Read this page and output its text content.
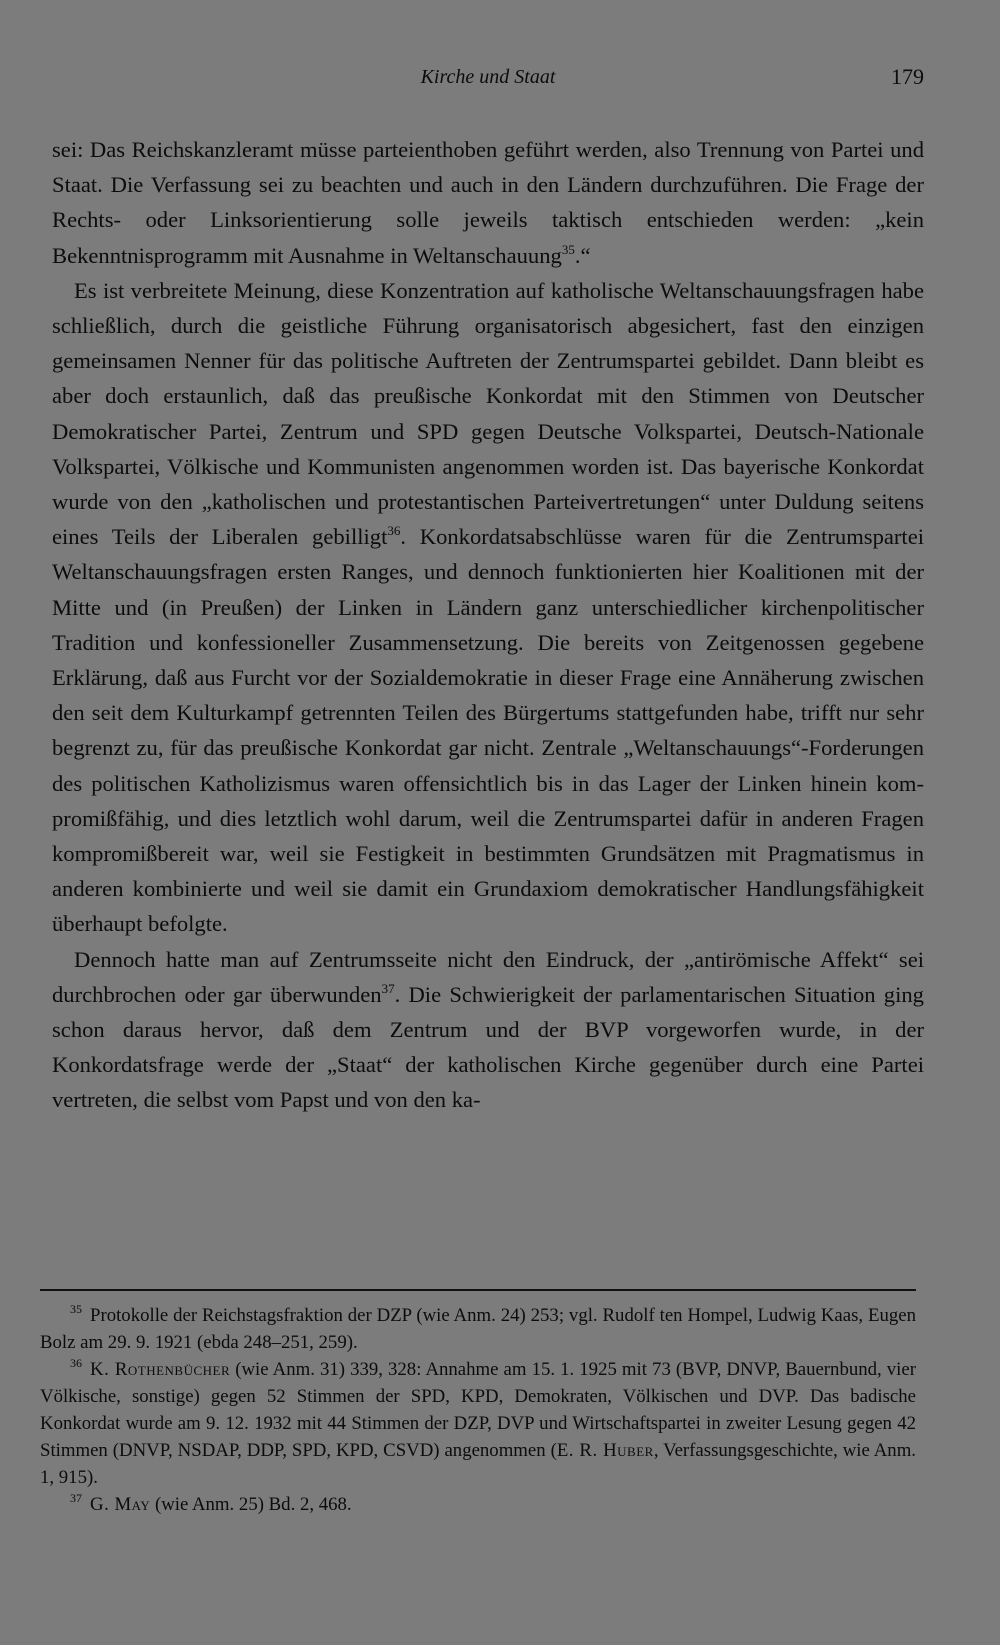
Kirche und Staat	179

sei: Das Reichskanzleramt müsse parteienthoben geführt werden, also Trennung von Partei und Staat. Die Verfassung sei zu beachten und auch in den Ländern durchzuführen. Die Frage der Rechts- oder Linksorientierung solle jeweils taktisch entschieden werden: „kein Bekenntnisprogramm mit Ausnahme in Weltanschauung$^{35}$.“

Es ist verbreitete Meinung, diese Konzentration auf katholische Weltanschauungsfragen habe schließlich, durch die geistliche Führung organisatorisch abgesichert, fast den einzigen gemeinsamen Nenner für das politische Auftreten der Zentrumspartei gebildet. Dann bleibt es aber doch erstaunlich, daß das preußische Konkordat mit den Stimmen von Deutscher Demokratischer Partei, Zentrum und SPD gegen Deutsche Volkspartei, Deutsch-Nationale Volkspartei, Völkische und Kommunisten angenommen worden ist. Das bayerische Konkordat wurde von den „katholischen und protestantischen Parteivertretungen“ unter Duldung seitens eines Teils der Liberalen gebilligt$^{36}$. Konkordatsabschlüsse waren für die Zentrumspartei Weltanschauungsfragen ersten Ranges, und dennoch funktionierten hier Koalitionen mit der Mitte und (in Preußen) der Linken in Ländern ganz unterschiedlicher kirchenpolitischer Tradition und konfessioneller Zusammensetzung. Die bereits von Zeitgenossen gegebene Erklärung, daß aus Furcht vor der Sozialdemokratie in dieser Frage eine Annäherung zwischen den seit dem Kulturkampf getrennten Teilen des Bürgertums stattgefunden habe, trifft nur sehr begrenzt zu, für das preußische Konkordat gar nicht. Zentrale „Weltanschauungs“-Forderungen des politischen Katholizismus waren offensichtlich bis in das Lager der Linken hinein kompromißfähig, und dies letztlich wohl darum, weil die Zentrumspartei dafür in anderen Fragen kompromißbereit war, weil sie Festigkeit in bestimmten Grundsätzen mit Pragmatismus in anderen kombinierte und weil sie damit ein Grundaxiom demokratischer Handlungsfähigkeit überhaupt befolgte.

Dennoch hatte man auf Zentrumsseite nicht den Eindruck, der „antirömische Affekt“ sei durchbrochen oder gar überwunden$^{37}$. Die Schwierigkeit der parlamentarischen Situation ging schon daraus hervor, daß dem Zentrum und der BVP vorgeworfen wurde, in der Konkordatsfrage werde der „Staat“ der katholischen Kirche gegenüber durch eine Partei vertreten, die selbst vom Papst und von den ka-

$^{35}$ Protokolle der Reichstagsfraktion der DZP (wie Anm. 24) 253; vgl. Rudolf ten Hompel, Ludwig Kaas, Eugen Bolz am 29. 9. 1921 (ebda 248–251, 259).

$^{36}$ K. Rothenbücher (wie Anm. 31) 339, 328: Annahme am 15. 1. 1925 mit 73 (BVP, DNVP, Bauernbund, vier Völkische, sonstige) gegen 52 Stimmen der SPD, KPD, Demokraten, Völkischen und DVP. Das badische Konkordat wurde am 9. 12. 1932 mit 44 Stimmen der DZP, DVP und Wirtschaftspartei in zweiter Lesung gegen 42 Stimmen (DNVP, NSDAP, DDP, SPD, KPD, CSVD) angenommen (E. R. Huber, Verfassungsgeschichte, wie Anm. 1, 915).

$^{37}$ G. May (wie Anm. 25) Bd. 2, 468.
